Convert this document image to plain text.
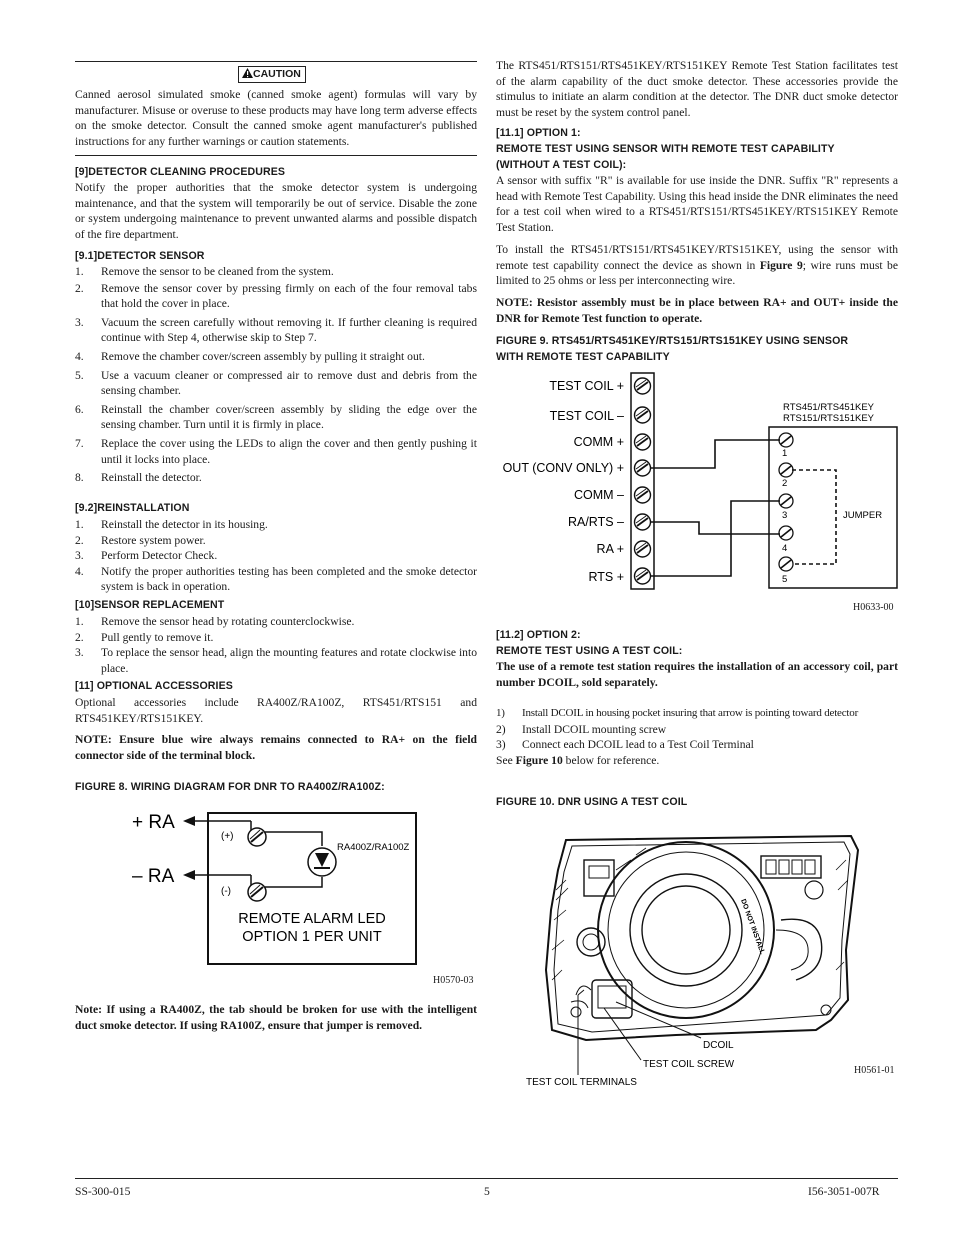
CAUTION

Canned aerosol simulated smoke (canned smoke agent) formulas will vary by manufacturer. Misuse or overuse to these products may have long term adverse effects on the smoke detector. Consult the canned smoke agent manufacturer's published instructions for any further warnings or caution statements.

[9]DETECTOR CLEANING PROCEDURES

Notify the proper authorities that the smoke detector system is undergoing maintenance, and that the system will temporarily be out of service. Disable the zone or system undergoing maintenance to prevent unwanted alarms and possible dispatch of the fire department.

[9.1]DETECTOR SENSOR
1. Remove the sensor to be cleaned from the system.
2. Remove the sensor cover by pressing firmly on each of the four removal tabs that hold the cover in place.
3. Vacuum the screen carefully without removing it. If further cleaning is required continue with Step 4, otherwise skip to Step 7.
4. Remove the chamber cover/screen assembly by pulling it straight out.
5. Use a vacuum cleaner or compressed air to remove dust and debris from the sensing chamber.
6. Reinstall the chamber cover/screen assembly by sliding the edge over the sensing chamber. Turn until it is firmly in place.
7. Replace the cover using the LEDs to align the cover and then gently pushing it until it locks into place.
8. Reinstall the detector.
[9.2]REINSTALLATION
1. Reinstall the detector in its housing.
2. Restore system power.
3. Perform Detector Check.
4. Notify the proper authorities testing has been completed and the smoke detector system is back in operation.
[10]SENSOR REPLACEMENT
1. Remove the sensor head by rotating counterclockwise.
2. Pull gently to remove it.
3. To replace the sensor head, align the mounting features and rotate clockwise into place.
[11] OPTIONAL ACCESSORIES

Optional accessories include RA400Z/RA100Z, RTS451/RTS151 and RTS451KEY/RTS151KEY.

NOTE: Ensure blue wire always remains connected to RA+ on the field connector side of the terminal block.

FIGURE 8. WIRING DIAGRAM FOR DNR TO RA400Z/RA100Z:
+ RA
– RA
(+)
(-)
RA400Z/RA100Z
REMOTE ALARM LED
OPTION 1 PER UNIT
H0570-03

Note: If using a RA400Z, the tab should be broken for use with the intelligent duct smoke detector. If using RA100Z, ensure that jumper is removed.

The RTS451/RTS151/RTS451KEY/RTS151KEY Remote Test Station facilitates test of the alarm capability of the duct smoke detector. These accessories provide the stimulus to initiate an alarm condition at the detector. The DNR duct smoke detector must be reset by the system control panel.

[11.1] OPTION 1:
REMOTE TEST USING SENSOR WITH REMOTE TEST CAPABILITY (WITHOUT A TEST COIL):

A sensor with suffix "R" is available for use inside the DNR. Suffix "R" represents a head with Remote Test Capability. Using this head inside the DNR eliminates the need for a test coil when wired to a RTS451/RTS151/RTS451KEY/RTS151KEY Remote Test Station.

To install the RTS451/RTS151/RTS451KEY/RTS151KEY, using the sensor with remote test capability connect the device as shown in Figure 9; wire runs must be limited to 25 ohms or less per interconnecting wire.

NOTE: Resistor assembly must be in place between RA+ and OUT+ inside the DNR for Remote Test function to operate.

FIGURE 9. RTS451/RTS451KEY/RTS151/RTS151KEY USING SENSOR WITH REMOTE TEST CAPABILITY
TEST COIL +
TEST COIL –
COMM +
OUT (CONV ONLY) +
COMM –
RA/RTS –
RA +
RTS +
RTS451/RTS451KEY
RTS151/RTS151KEY
1
2
3
4
5
JUMPER
H0633-00
[11.2] OPTION 2:
REMOTE TEST USING A TEST COIL:

The use of a remote test station requires the installation of an accessory coil, part number DCOIL, sold separately.

1) Install DCOIL in housing pocket insuring that arrow is pointing toward detector
2) Install DCOIL mounting screw
3) Connect each DCOIL lead to a Test Coil Terminal

See Figure 10 below for reference.

FIGURE 10. DNR USING A TEST COIL
DO NOT INSTALL
DCOIL
TEST COIL SCREW
TEST COIL TERMINALS
H0561-01
SS-300-015	5	I56-3051-007R
